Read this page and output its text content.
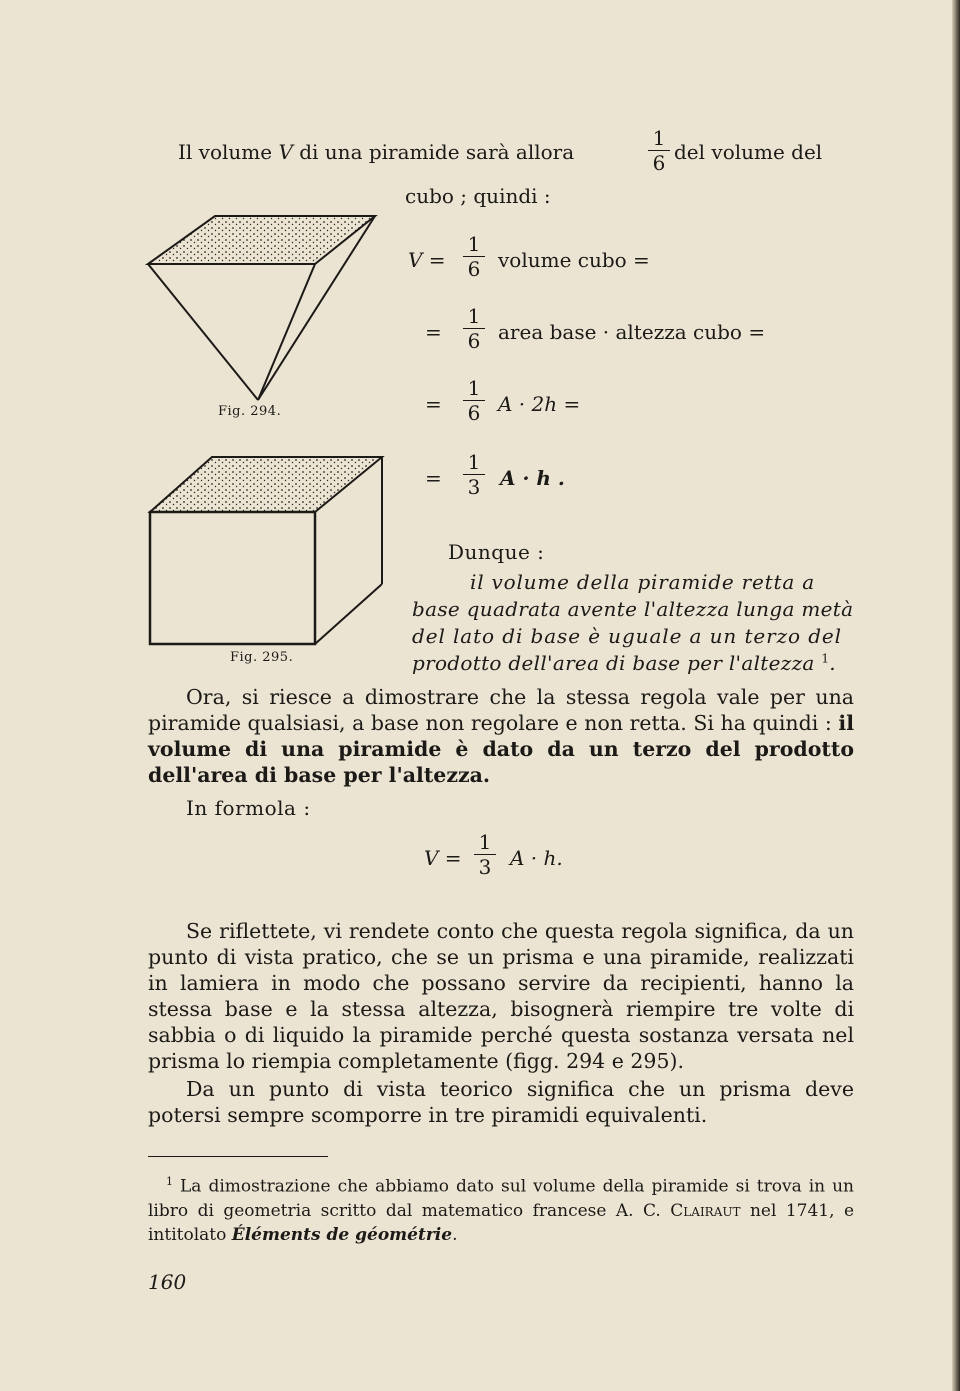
Il volume V di una piramide sarà allora
1
6 del volume del
cubo ; quindi :
V =
1
6 volume cubo =
=
1
6 area base · altezza cubo =
=
1
6 A · 2h =
=
1
3 A · h .
Fig. 294.
Fig. 295.
Dunque :
il volume della piramide retta a
base quadrata avente l'altezza lunga metà
del lato di base è uguale a un terzo del
prodotto dell'area di base per l'altezza $^1$.

Ora, si riesce a dimostrare che la stessa regola vale per una piramide qualsiasi, a base non regolare e non retta. Si ha quindi : il volume di una piramide è dato da un terzo del prodotto dell'area di base per l'altezza.

In formola :
V =
1
3 A · h.

Se riflettete, vi rendete conto che questa regola significa, da un punto di vista pratico, che se un prisma e una piramide, realizzati in lamiera in modo che possano servire da recipienti, hanno la stessa base e la stessa altezza, bisognerà riempire tre volte di sabbia o di liquido la piramide perché questa sostanza versata nel prisma lo riempia completamente (figg. 294 e 295).

Da un punto di vista teorico significa che un prisma deve potersi sempre scomporre in tre piramidi equivalenti.

$^1$ La dimostrazione che abbiamo dato sul volume della piramide si trova in un libro di geometria scritto dal matematico francese A. C. Clairaut nel 1741, e intitolato Éléments de géométrie.

160
